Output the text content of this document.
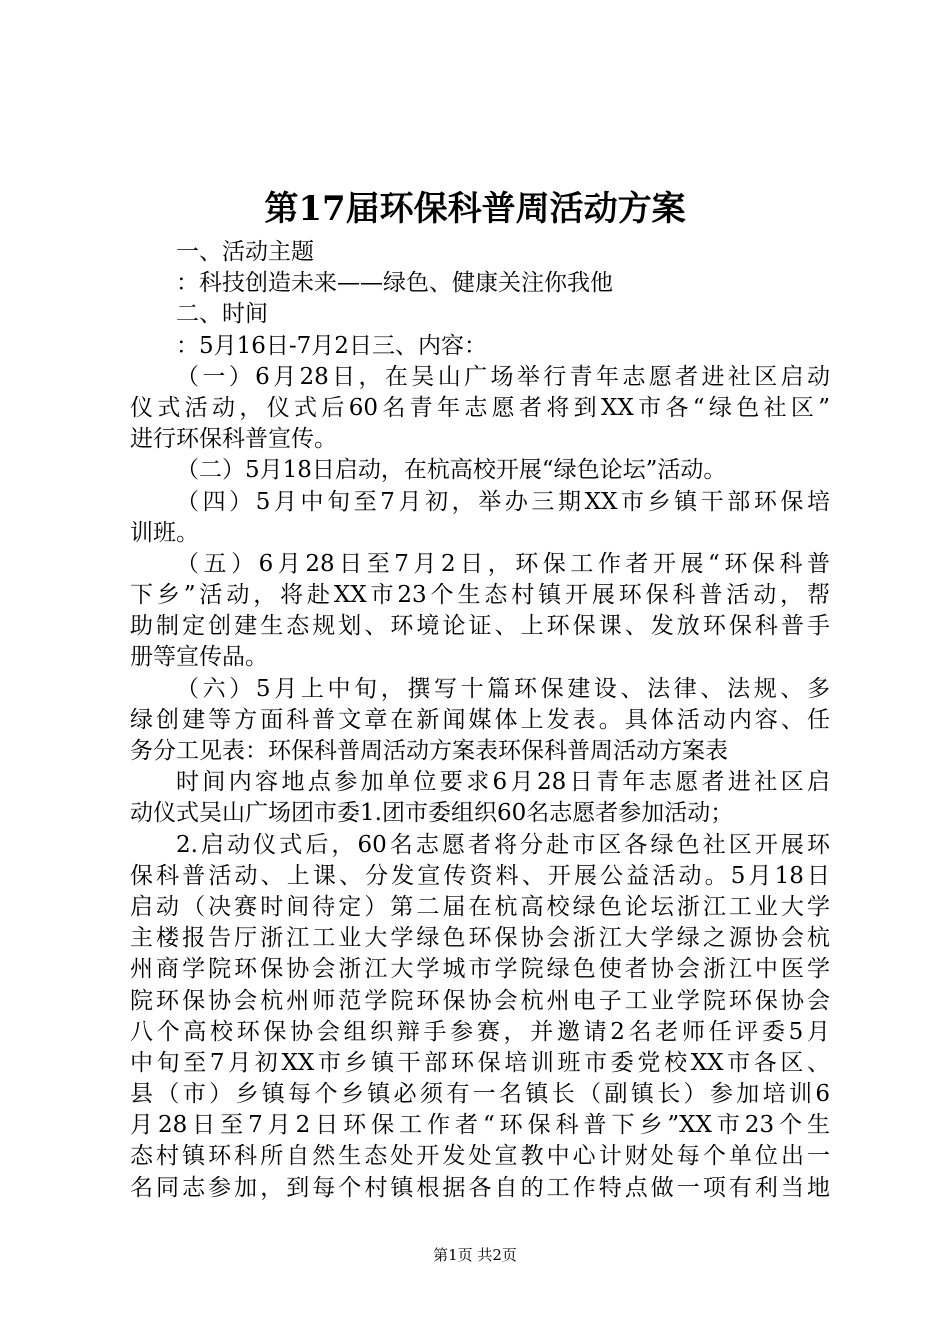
第17届环保科普周活动方案
一、活动主题
：科技创造未来——绿色、健康关注你我他
二、时间
：5月16日-7月2日三、内容：
（一）6月28日，在吴山广场举行青年志愿者进社区启动
仪式活动，仪式后60名青年志愿者将到XX市各“绿色社区”
进行环保科普宣传。
（二）5月18日启动，在杭高校开展“绿色论坛”活动。
（四）5月中旬至7月初，举办三期XX市乡镇干部环保培
训班。
（五）6月28日至7月2日，环保工作者开展“环保科普
下乡”活动，将赴XX市23个生态村镇开展环保科普活动，帮
助制定创建生态规划、环境论证、上环保课、发放环保科普手
册等宣传品。
（六）5月上中旬，撰写十篇环保建设、法律、法规、多
绿创建等方面科普文章在新闻媒体上发表。具体活动内容、任
务分工见表：环保科普周活动方案表环保科普周活动方案表
时间内容地点参加单位要求6月28日青年志愿者进社区启
动仪式吴山广场团市委1.团市委组织60名志愿者参加活动；
2.启动仪式后，60名志愿者将分赴市区各绿色社区开展环
保科普活动、上课、分发宣传资料、开展公益活动。5月18日
启动（决赛时间待定）第二届在杭高校绿色论坛浙江工业大学
主楼报告厅浙江工业大学绿色环保协会浙江大学绿之源协会杭
州商学院环保协会浙江大学城市学院绿色使者协会浙江中医学
院环保协会杭州师范学院环保协会杭州电子工业学院环保协会
八个高校环保协会组织辩手参赛，并邀请2名老师任评委5月
中旬至7月初XX市乡镇干部环保培训班市委党校XX市各区、
县（市）乡镇每个乡镇必须有一名镇长（副镇长）参加培训6
月28日至7月2日环保工作者“环保科普下乡”XX市23个生
态村镇环科所自然生态处开发处宣教中心计财处每个单位出一
名同志参加，到每个村镇根据各自的工作特点做一项有利当地
第1页 共2页
